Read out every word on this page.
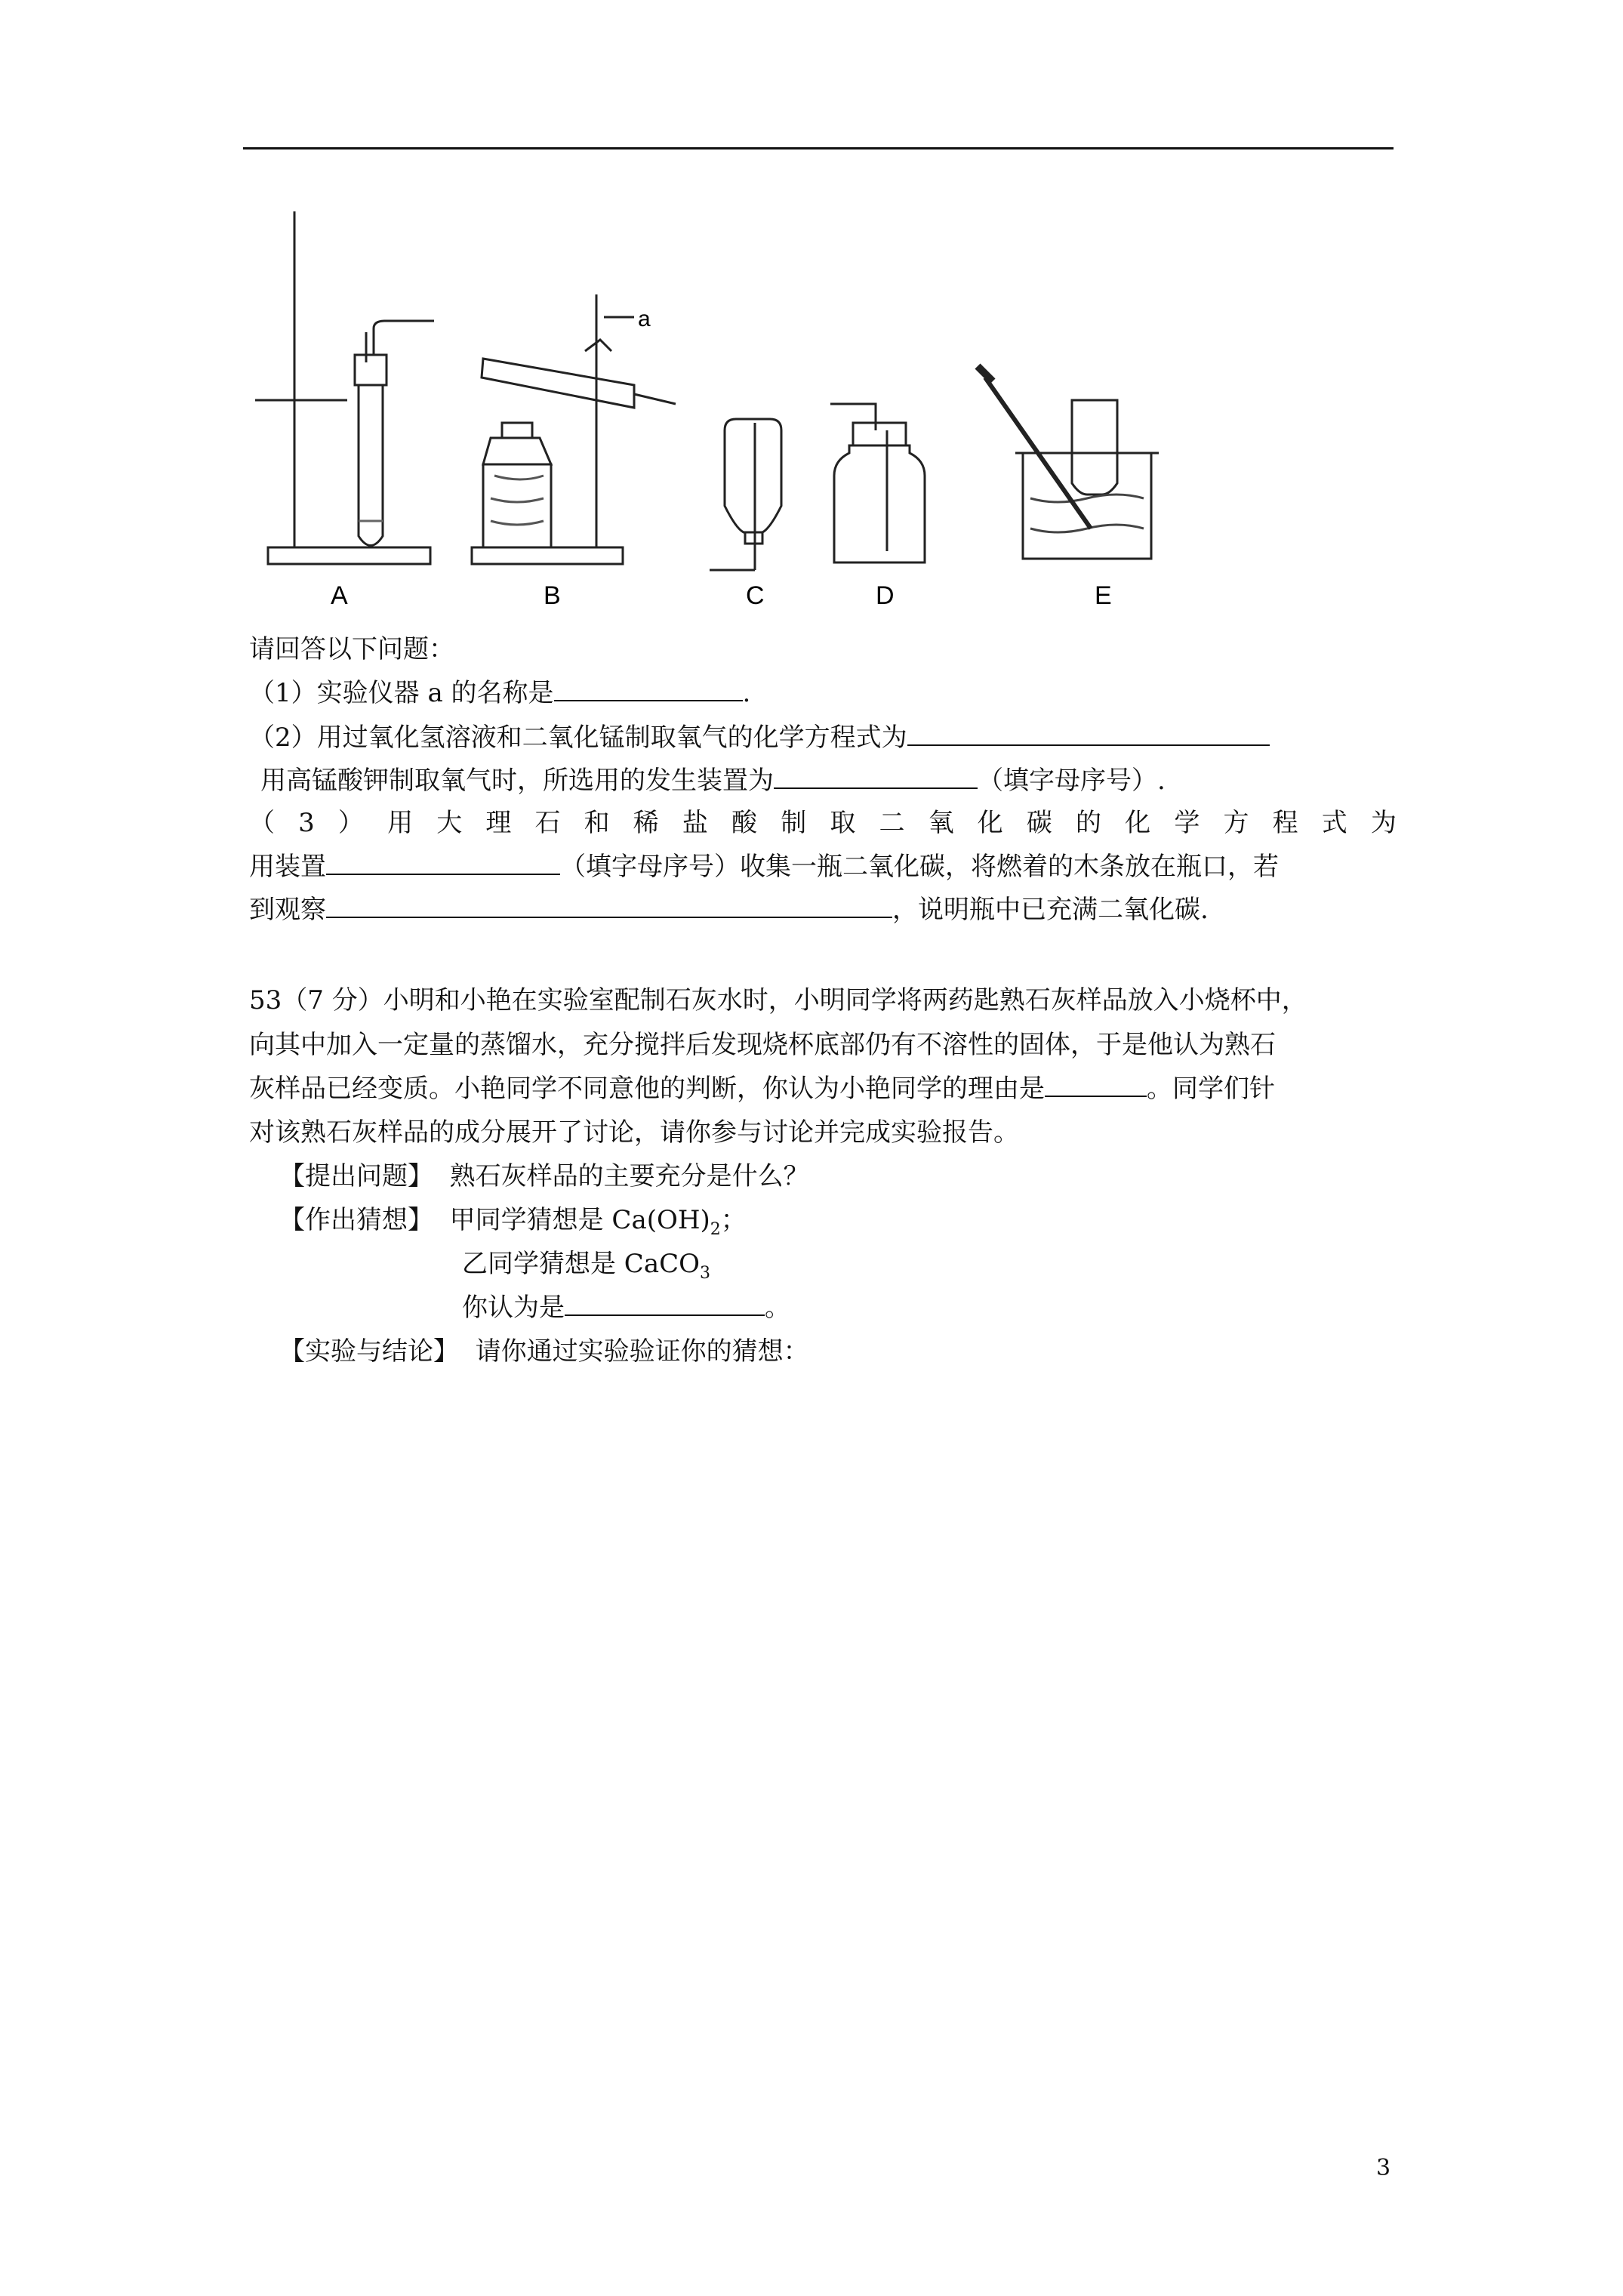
A	B	C	D	E
a
请回答以下问题：
（1）实验仪器 a 的名称是	.
（2）用过氧化氢溶液和二氧化锰制取氧气的化学方程式为
用高锰酸钾制取氧气时，所选用的发生装置为	（填字母序号）.
（ 3 ） 用 大 理 石 和 稀 盐 酸 制 取 二 氧 化 碳 的 化 学 方 程 式 为
用装置	（填字母序号）收集一瓶二氧化碳，将燃着的木条放在瓶口，若
到观察	，说明瓶中已充满二氧化碳.
53（7 分）小明和小艳在实验室配制石灰水时，小明同学将两药匙熟石灰样品放入小烧杯中，
向其中加入一定量的蒸馏水，充分搅拌后发现烧杯底部仍有不溶性的固体，于是他认为熟石
灰样品已经变质。小艳同学不同意他的判断，你认为小艳同学的理由是	。同学们针
对该熟石灰样品的成分展开了讨论，请你参与讨论并完成实验报告。
【提出问题】 熟石灰样品的主要充分是什么？
【作出猜想】 甲同学猜想是 $Ca(OH)_2$；
乙同学猜想是 CaCO$_3$
你认为是	。
【实验与结论】 请你通过实验验证你的猜想：
3
